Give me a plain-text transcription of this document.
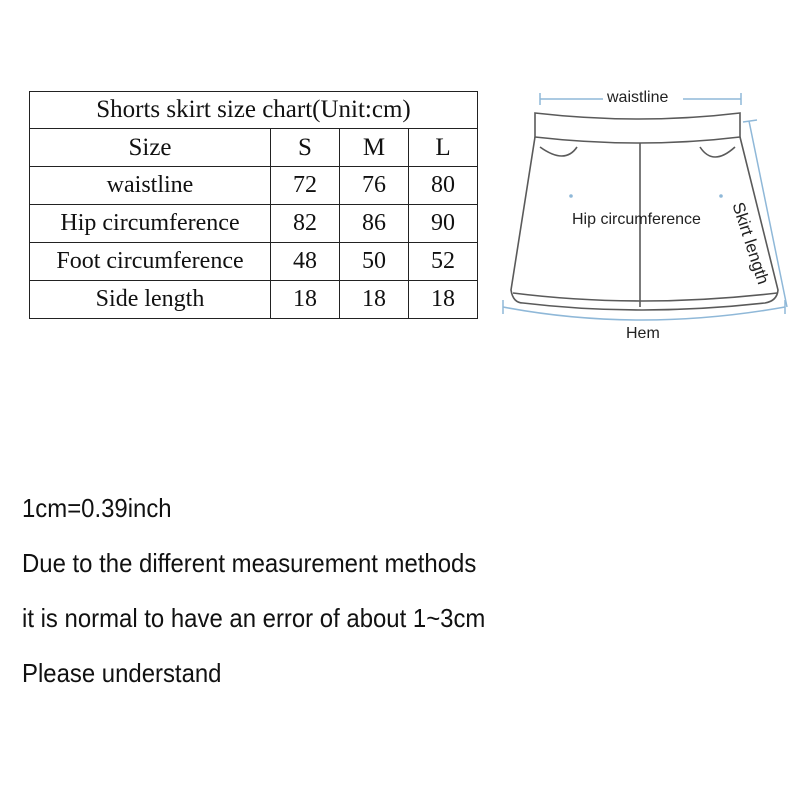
Shorts skirt size chart(Unit:cm)			
Size	S	M	L
waistline	72	76	80
Hip circumference	82	86	90
Foot circumference	48	50	52
Side length	18	18	18
waistline
Hip circumference
Hem
Skirt length
1cm=0.39inch
Due to the different measurement methods
it is normal to have an error of about 1~3cm
Please understand
